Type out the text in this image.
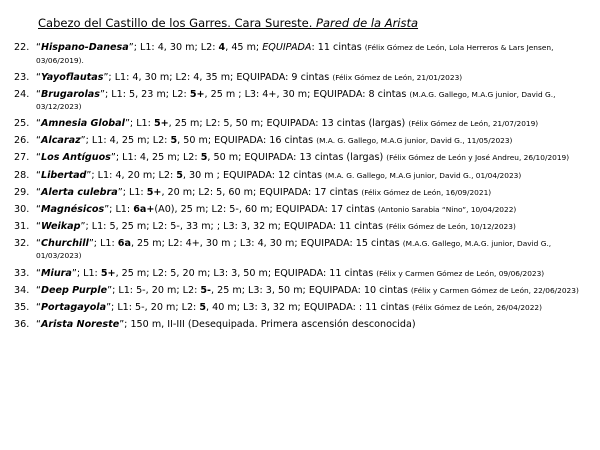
Cabezo del Castillo de los Garres. Cara Sureste. Pared de la Arista
22. “Hispano-Danesa”; L1: 4, 30 m; L2: 4, 45 m; EQUIPADA: 11 cintas (Félix Gómez de León, Lola Herreros & Lars Jensen, 03/06/2019).
23. “Yayoflautas”; L1: 4, 30 m; L2: 4, 35 m; EQUIPADA: 9 cintas (Félix Gómez de León, 21/01/2023)
24. “Brugarolas”; L1: 5, 23 m; L2: 5+, 25 m ; L3: 4+, 30 m; EQUIPADA: 8 cintas (M.A.G. Gallego, M.A.G junior, David G., 03/12/2023)
25. “Amnesia Global”; L1: 5+, 25 m; L2: 5, 50 m; EQUIPADA: 13 cintas (largas) (Félix Gómez de León, 21/07/2019)
26. “Alcaraz”; L1: 4, 25 m; L2: 5, 50 m; EQUIPADA: 16 cintas (M.A. G. Gallego, M.A.G junior, David G., 11/05/2023)
27. “Los Antíguos”; L1: 4, 25 m; L2: 5, 50 m; EQUIPADA: 13 cintas (largas) (Félix Gómez de León y José Andreu, 26/10/2019)
28. “Libertad”; L1: 4, 20 m; L2: 5, 30 m ; EQUIPADA: 12 cintas (M.A. G. Gallego, M.A.G junior, David G., 01/04/2023)
29. “Alerta culebra”; L1: 5+, 20 m; L2: 5, 60 m; EQUIPADA: 17 cintas (Félix Gómez de León, 16/09/2021)
30. “Magnésicos”; L1: 6a+(A0), 25 m; L2: 5-, 60 m; EQUIPADA: 17 cintas (Antonio Sarabia “Nino”, 10/04/2022)
31. “Weikap”; L1: 5, 25 m; L2: 5-, 33 m; ; L3: 3, 32 m; EQUIPADA: 11 cintas (Félix Gómez de León, 10/12/2023)
32. “Churchill”; L1: 6a, 25 m; L2: 4+, 30 m ; L3: 4, 30 m; EQUIPADA: 15 cintas (M.A.G. Gallego, M.A.G. junior, David G., 01/03/2023)
33. “Miura”; L1: 5+, 25 m; L2: 5, 20 m; L3: 3, 50 m; EQUIPADA: 11 cintas (Félix y Carmen Gómez de León, 09/06/2023)
34. “Deep Purple”; L1: 5-, 20 m; L2: 5-, 25 m; L3: 3, 50 m; EQUIPADA: 10 cintas (Félix y Carmen Gómez de León, 22/06/2023)
35. “Portagayola”; L1: 5-, 20 m; L2: 5, 40 m; L3: 3, 32 m; EQUIPADA: : 11 cintas (Félix Gómez de León, 26/04/2022)
36. “Arista Noreste”; 150 m, II-III (Desequipada. Primera ascensión desconocida)
